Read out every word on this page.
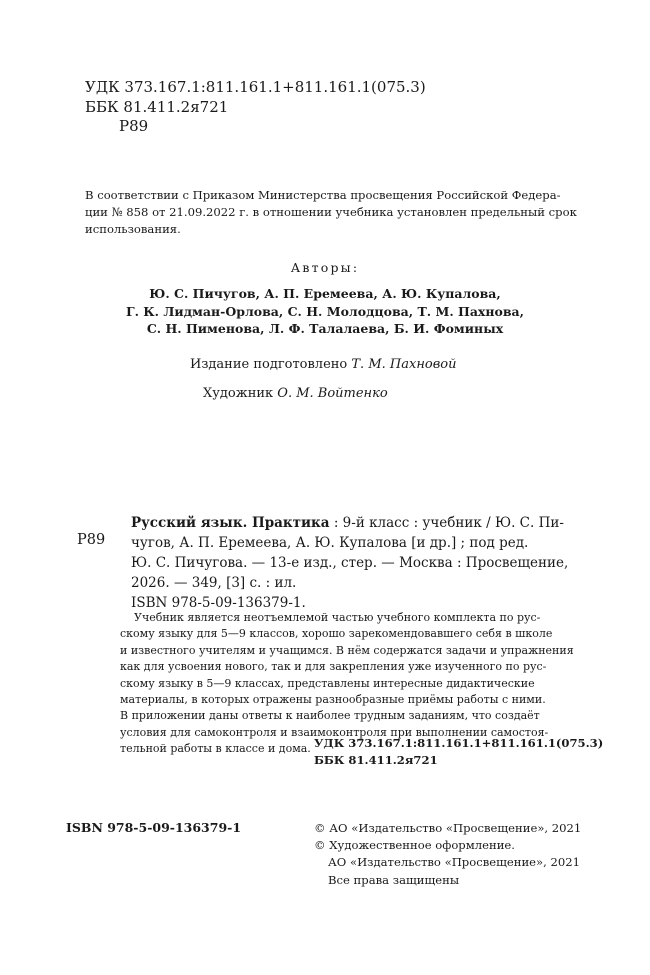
УДК 373.167.1:811.161.1+811.161.1(075.3)
ББК 81.411.2я721
Р89
В соответствии с Приказом Министерства просвещения Российской Федера-
ции № 858 от 21.09.2022 г. в отношении учебника установлен предельный срок
использования.
Авторы:
Ю. С. Пичугов, А. П. Еремеева, А. Ю. Купалова,
Г. К. Лидман-Орлова, С. Н. Молодцова, Т. М. Пахнова,
С. Н. Пименова, Л. Ф. Талалаева, Б. И. Фоминых
Издание подготовлено Т. М. Пахновой
Художник О. М. Войтенко
Р89
Русский язык. Практика : 9-й класс : учебник / Ю. С. Пи-
чугов, А. П. Еремеева, А. Ю. Купалова [и др.] ; под ред.
Ю. С. Пичугова. — 13-е изд., стер. — Москва : Просвещение,
2026. — 349, [3] с. : ил.
ISBN 978-5-09-136379-1.
Учебник является неотъемлемой частью учебного комплекта по рус-
скому языку для 5—9 классов, хорошо зарекомендовавшего себя в школе
и известного учителям и учащимся. В нём содержатся задачи и упражнения
как для усвоения нового, так и для закрепления уже изученного по рус-
скому языку в 5—9 классах, представлены интересные дидактические
материалы, в которых отражены разнообразные приёмы работы с ними.
В приложении даны ответы к наиболее трудным заданиям, что создаёт
условия для самоконтроля и взаимоконтроля при выполнении самостоя-
тельной работы в классе и дома. УДК 373.167.1:811.161.1+811.161.1(075.3)
ББК 81.411.2я721
ISBN 978-5-09-136379-1	© АО «Издательство «Просвещение», 2021
© Художественное оформление.
АО «Издательство «Просвещение», 2021
Все права защищены
